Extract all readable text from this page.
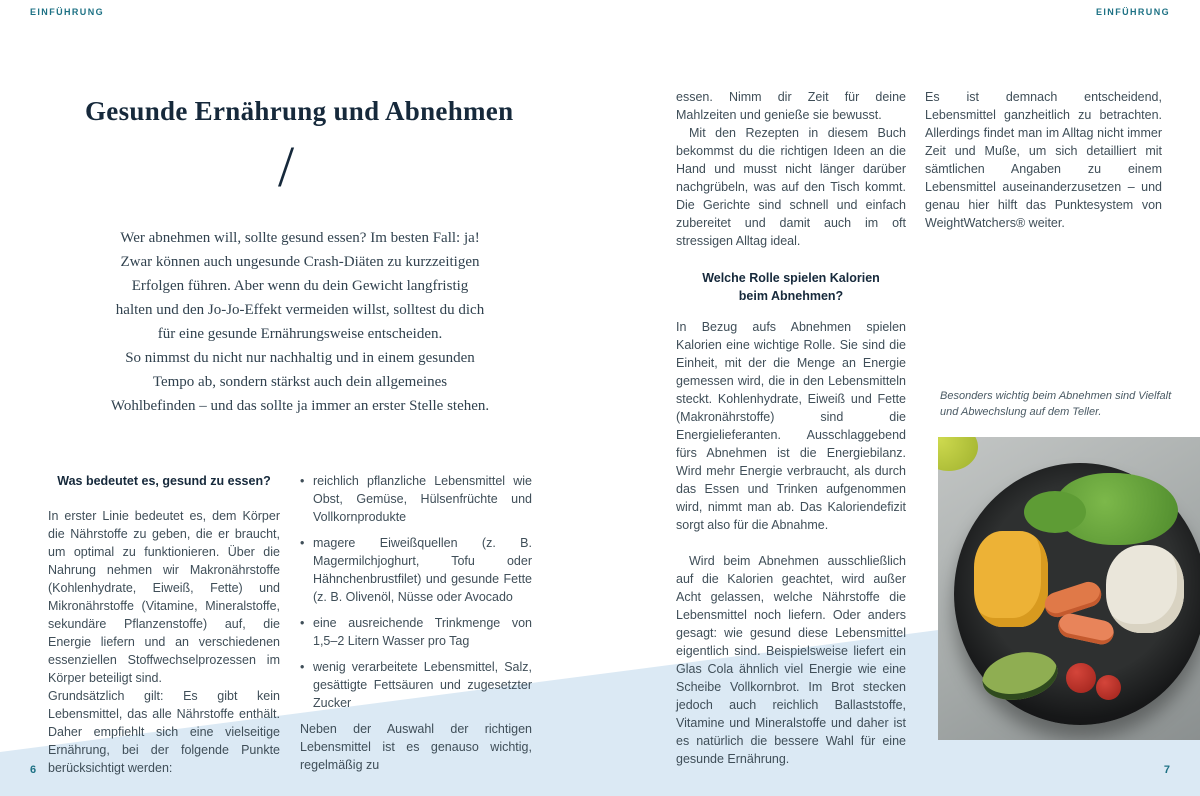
EINFÜHRUNG	EINFÜHRUNG
Gesunde Ernährung und Abnehmen
/
Wer abnehmen will, sollte gesund essen? Im besten Fall: ja!
Zwar können auch ungesunde Crash-Diäten zu kurzzeitigen
Erfolgen führen. Aber wenn du dein Gewicht langfristig
halten und den Jo-Jo-Effekt vermeiden willst, solltest du dich
für eine gesunde Ernährungsweise entscheiden.
So nimmst du nicht nur nachhaltig und in einem gesunden
Tempo ab, sondern stärkst auch dein allgemeines
Wohlbefinden – und das sollte ja immer an erster Stelle stehen.
Was bedeutet es, gesund zu essen?

In erster Linie bedeutet es, dem Körper die Nährstoffe zu geben, die er braucht, um optimal zu funktionieren. Über die Nahrung nehmen wir Makronährstoffe (Kohlenhydrate, Eiweiß, Fette) und Mikronährstoffe (Vitamine, Mineralstoffe, sekundäre Pflanzenstoffe) auf, die Energie liefern und an verschiedenen essenziellen Stoffwechselprozessen im Körper beteiligt sind.

Grundsätzlich gilt: Es gibt kein Lebensmittel, das alle Nährstoffe enthält. Daher empfiehlt sich eine vielseitige Ernährung, bei der folgende Punkte berücksichtigt werden:

• reichlich pflanzliche Lebensmittel wie Obst, Gemüse, Hülsenfrüchte und Vollkornprodukte
• magere Eiweißquellen (z. B. Magermilchjoghurt, Tofu oder Hähnchenbrustfilet) und gesunde Fette (z. B. Olivenöl, Nüsse oder Avocado
• eine ausreichende Trinkmenge von 1,5–2 Litern Wasser pro Tag
• wenig verarbeitete Lebensmittel, Salz, gesättigte Fettsäuren und zugesetzter Zucker

Neben der Auswahl der richtigen Lebensmittel ist es genauso wichtig, regelmäßig zu

essen. Nimm dir Zeit für deine Mahlzeiten und genieße sie bewusst.

Mit den Rezepten in diesem Buch bekommst du die richtigen Ideen an die Hand und musst nicht länger darüber nachgrübeln, was auf den Tisch kommt. Die Gerichte sind schnell und einfach zubereitet und damit auch im oft stressigen Alltag ideal.

Welche Rolle spielen Kalorien beim Abnehmen?

In Bezug aufs Abnehmen spielen Kalorien eine wichtige Rolle. Sie sind die Einheit, mit der die Menge an Energie gemessen wird, die in den Lebensmitteln steckt. Kohlenhydrate, Eiweiß und Fette (Makronährstoffe) sind die Energielieferanten. Ausschlaggebend fürs Abnehmen ist die Energiebilanz. Wird mehr Energie verbraucht, als durch das Essen und Trinken aufgenommen wird, nimmt man ab. Das Kaloriendefizit sorgt also für die Abnahme.

Wird beim Abnehmen ausschließlich auf die Kalorien geachtet, wird außer Acht gelassen, welche Nährstoffe die Lebensmittel noch liefern. Oder anders gesagt: wie gesund diese Lebensmittel eigentlich sind. Beispielsweise liefert ein Glas Cola ähnlich viel Energie wie eine Scheibe Vollkornbrot. Im Brot stecken jedoch auch reichlich Ballaststoffe, Vitamine und Mineralstoffe und daher ist es natürlich die bessere Wahl für eine gesunde Ernährung.

Es ist demnach entscheidend, Lebensmittel ganzheitlich zu betrachten. Allerdings findet man im Alltag nicht immer Zeit und Muße, um sich detailliert mit sämtlichen Angaben zu einem Lebensmittel auseinanderzusetzen – und genau hier hilft das Punktesystem von WeightWatchers® weiter.

Besonders wichtig beim Abnehmen sind Vielfalt und Abwechslung auf dem Teller.
6	7
